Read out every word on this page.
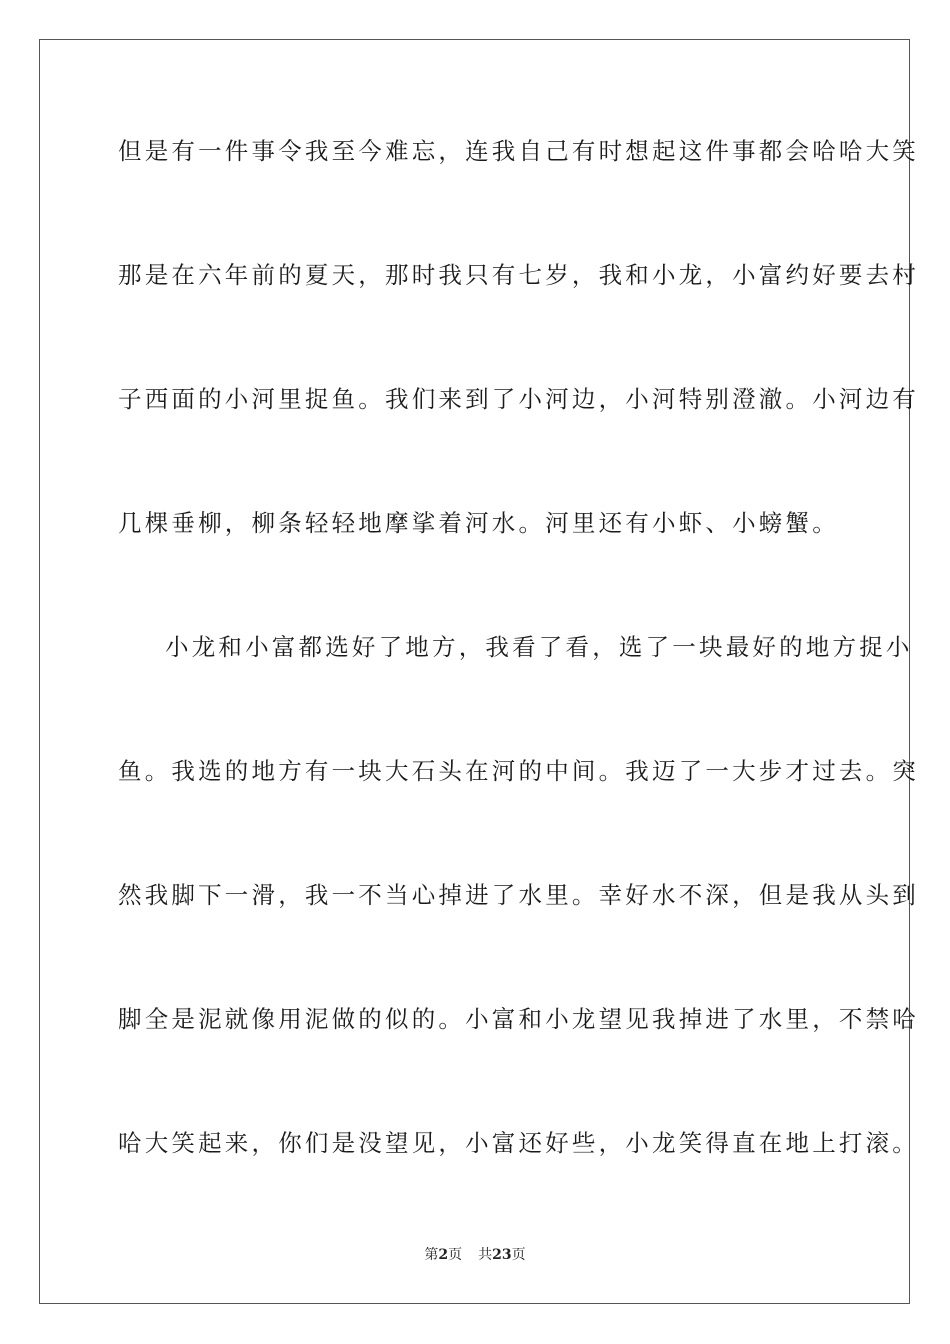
但是有一件事令我至今难忘，连我自己有时想起这件事都会哈哈大笑
那是在六年前的夏天，那时我只有七岁，我和小龙，小富约好要去村
子西面的小河里捉鱼。我们来到了小河边，小河特别澄澈。小河边有
几棵垂柳，柳条轻轻地摩挲着河水。河里还有小虾、小螃蟹。
小龙和小富都选好了地方，我看了看，选了一块最好的地方捉小
鱼。我选的地方有一块大石头在河的中间。我迈了一大步才过去。突
然我脚下一滑，我一不当心掉进了水里。幸好水不深，但是我从头到
脚全是泥就像用泥做的似的。小富和小龙望见我掉进了水里，不禁哈
哈大笑起来，你们是没望见，小富还好些，小龙笑得直在地上打滚。
第2页 共23页
